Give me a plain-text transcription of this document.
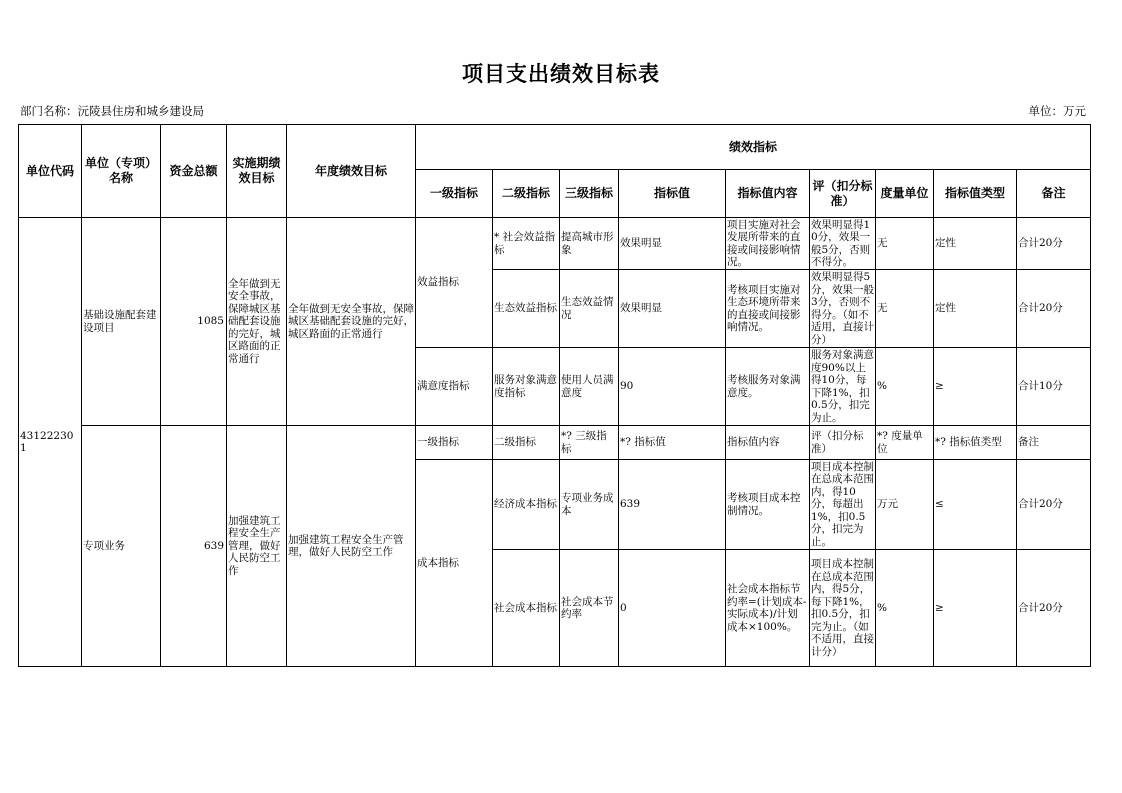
项目支出绩效目标表
部门名称：沅陵县住房和城乡建设局	单位：万元
单位代码	单位（专项）名称	资金总额	实施期绩效目标	年度绩效目标	绩效指标								
					一级指标	二级指标	三级指标	指标值	指标值内容	评（扣分标准）	度量单位	指标值类型	备注
431222301	基础设施配套建设项目	1085	全年做到无安全事故，保障城区基础配套设施的完好，城区路面的正常通行	全年做到无安全事故，保障城区基础配套设施的完好，城区路面的正常通行	效益指标	* 社会效益指标	提高城市形象	效果明显	项目实施对社会发展所带来的直接或间接影响情况。	效果明显得10分，效果一般5分，否则不得分。	无	定性	合计20分
						生态效益指标	生态效益情况	效果明显	考核项目实施对生态环境所带来的直接或间接影响情况。	效果明显得5分，效果一般3分，否则不得分。（如不适用，直接计分）	无	定性	合计20分
					满意度指标	服务对象满意度指标	使用人员满意度	90	考核服务对象满意度。	服务对象满意度90%以上得10分，每下降1%，扣0.5分，扣完为止。	%	≥	合计10分
	专项业务	639	加强建筑工程安全生产管理，做好人民防空工作	加强建筑工程安全生产管理，做好人民防空工作	一级指标	二级指标	*? 三级指标	*? 指标值	指标值内容	评（扣分标准）	*? 度量单位	*? 指标值类型	备注
					成本指标	经济成本指标	专项业务成本	639	考核项目成本控制情况。	项目成本控制在总成本范围内，得10分，每超出1%，扣0.5分，扣完为止。	万元	≤	合计20分
						社会成本指标	社会成本节约率	0	社会成本指标节约率=(计划成本-实际成本)/计划成本×100%。	项目成本控制在总成本范围内，得5分，每下降1%，扣0.5分，扣完为止。（如不适用，直接计分）	%	≥	合计20分
